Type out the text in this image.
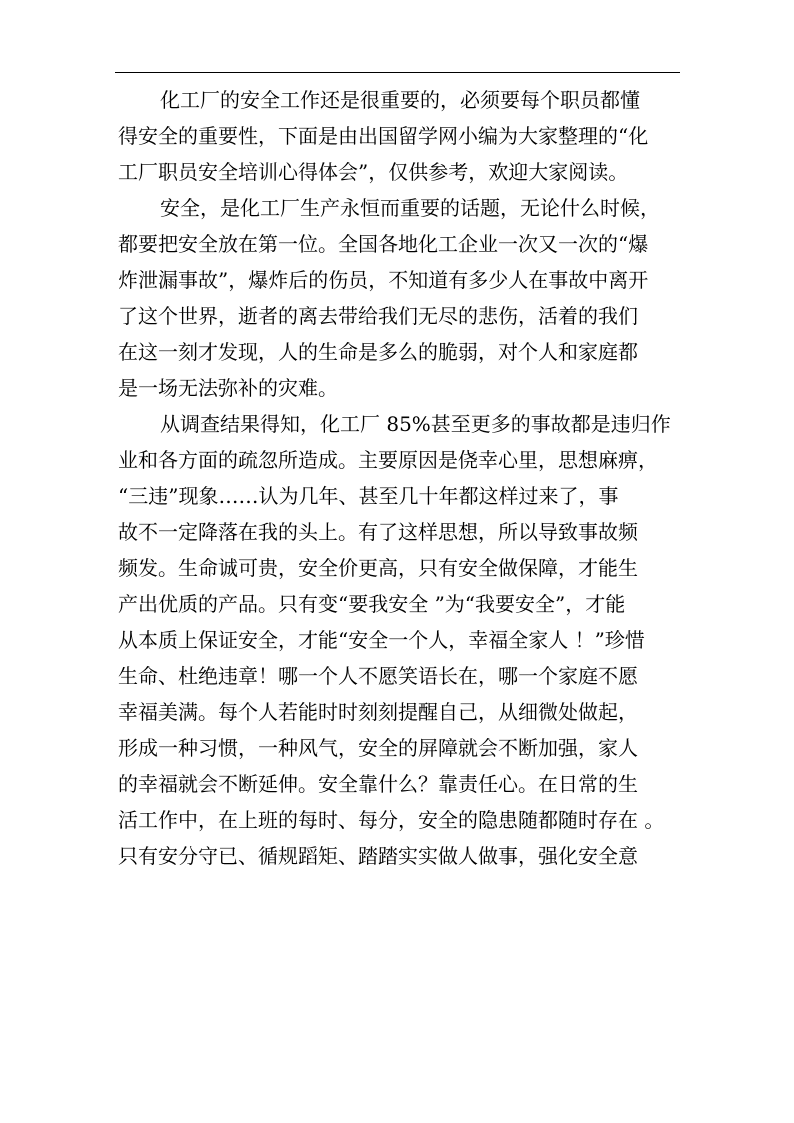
化工厂的安全工作还是很重要的，必须要每个职员都懂
得安全的重要性，下面是由出国留学网小编为大家整理的“化
工厂职员安全培训心得体会”，仅供参考，欢迎大家阅读。
安全，是化工厂生产永恒而重要的话题，无论什么时候，
都要把安全放在第一位。全国各地化工企业一次又一次的“爆
炸泄漏事故”，爆炸后的伤员，不知道有多少人在事故中离开
了这个世界，逝者的离去带给我们无尽的悲伤，活着的我们
在这一刻才发现，人的生命是多么的脆弱，对个人和家庭都
是一场无法弥补的灾难。
从调查结果得知，化工厂 85%甚至更多的事故都是违归作
业和各方面的疏忽所造成。主要原因是侥幸心里，思想麻痹，
“三违”现象……认为几年、甚至几十年都这样过来了，事
故不一定降落在我的头上。有了这样思想，所以导致事故频
频发。生命诚可贵，安全价更高，只有安全做保障，才能生
产出优质的产品。只有变“要我安全 ”为“我要安全”，才能
从本质上保证安全，才能“安全一个人，幸福全家人 ！”珍惜
生命、杜绝违章！哪一个人不愿笑语长在，哪一个家庭不愿
幸福美满。每个人若能时时刻刻提醒自己，从细微处做起，
形成一种习惯，一种风气，安全的屏障就会不断加强，家人
的幸福就会不断延伸。安全靠什么？靠责任心。在日常的生
活工作中，在上班的每时、每分，安全的隐患随都随时存在 。
只有安分守已、循规蹈矩、踏踏实实做人做事，强化安全意
